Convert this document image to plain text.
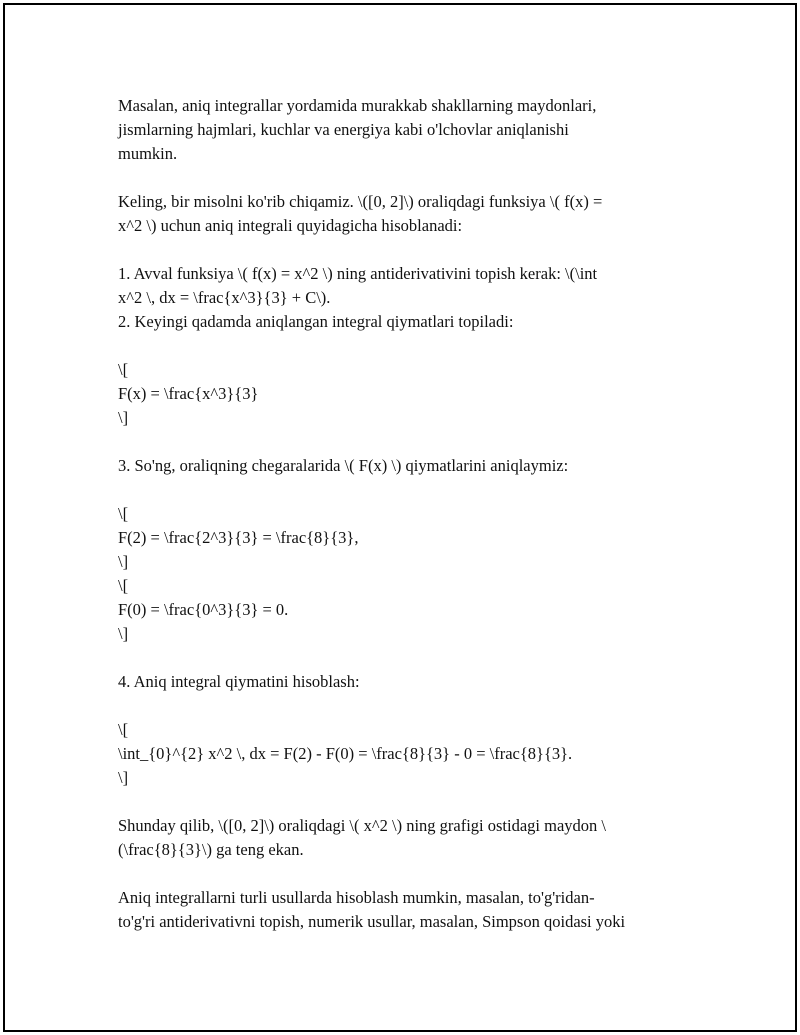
Masalan, aniq integrallar yordamida murakkab shakllarning maydonlari,
jismlarning hajmlari, kuchlar va energiya kabi o'lchovlar aniqlanishi
mumkin.
Keling, bir misolni ko'rib chiqamiz. \([0, 2]\) oraliqdagi funksiya \( f(x) =
x^2 \) uchun aniq integrali quyidagicha hisoblanadi:
1. Avval funksiya \( f(x) = x^2 \) ning antiderivativini topish kerak: \(\int
x^2 \, dx = \frac{x^3}{3} + C\).
2. Keyingi qadamda aniqlangan integral qiymatlari topiladi:
\[
F(x) = \frac{x^3}{3}
\]
3. So'ng, oraliqning chegaralarida \( F(x) \) qiymatlarini aniqlaymiz:
\[
F(2) = \frac{2^3}{3} = \frac{8}{3},
\]
\[
F(0) = \frac{0^3}{3} = 0.
\]
4. Aniq integral qiymatini hisoblash:
\[
\int_{0}^{2} x^2 \, dx = F(2) - F(0) = \frac{8}{3} - 0 = \frac{8}{3}.
\]
Shunday qilib, \([0, 2]\) oraliqdagi \( x^2 \) ning grafigi ostidagi maydon \
(\frac{8}{3}\) ga teng ekan.
Aniq integrallarni turli usullarda hisoblash mumkin, masalan, to'g'ridan-
to'g'ri antiderivativni topish, numerik usullar, masalan, Simpson qoidasi yoki
